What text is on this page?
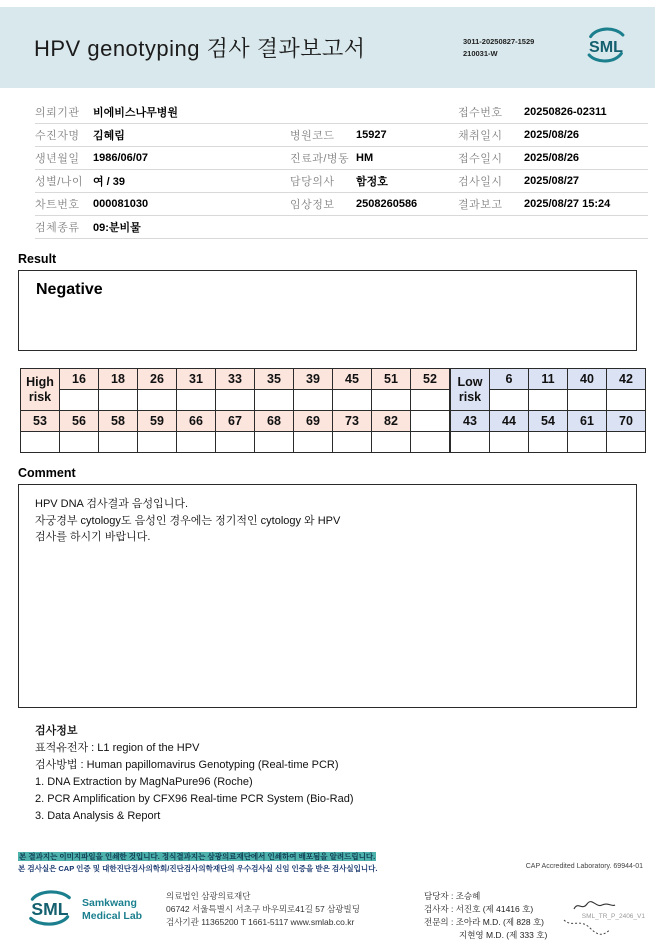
HPV genotyping 검사 결과보고서	3011-20250827-1529
210031-W	SML
의뢰기관	비에비스나무병원	접수번호	20250826-02311
수진자명	김혜림	병원코드	15927	채취일시	2025/08/26
생년월일	1986/06/07	진료과/병동 HM	접수일시	2025/08/26
성별/나이 여 / 39	담당의사	함정호	검사일시	2025/08/27
차트번호	000081030	임상정보	2508260586	결과보고	2025/08/27 15:24
검체종류	09:분비물
Result
Negative
High
risk	16	18	26	31	33	35	39	45	51	52

53	56	58	59	66	67	68	69	73	82	

Low
risk	6	11	40	42

43	44	54	61	70

Comment
HPV DNA 검사결과 음성입니다.
자궁경부 cytology도 음성인 경우에는 정기적인 cytology 와 HPV
검사를 하시기 바랍니다.
검사정보
표적유전자 : L1 region of the HPV
검사방법 : Human papillomavirus Genotyping (Real-time PCR)
1. DNA Extraction by MagNaPure96 (Roche)
2. PCR Amplification by CFX96 Real-time PCR System (Bio-Rad)
3. Data Analysis & Report
본 결과지는 이미지파일을 인쇄한 것입니다. 정식결과지는 삼광의료재단에서 인쇄하여 배포됨을 알려드립니다.
본 검사실은 CAP 인증 및 대한진단검사의학회/진단검사의학재단의 우수검사실 신임 인증을 받은 검사실입니다.	CAP Accredited Laboratory. 69944-01
SML Samkwang
Medical Lab
의료법인 삼광의료재단
06742 서울특별시 서초구 바우뫼로41길 57 삼광빌딩
검사기관 11365200 T 1661-5117 www.smlab.co.kr
담당자 : 조승혜
검사자 : 서진호 (제 41416 호)
전문의 : 조아라 M.D. (제 828 호)
지현영 M.D. (제 333 호)
SML_TR_P_2406_V1
